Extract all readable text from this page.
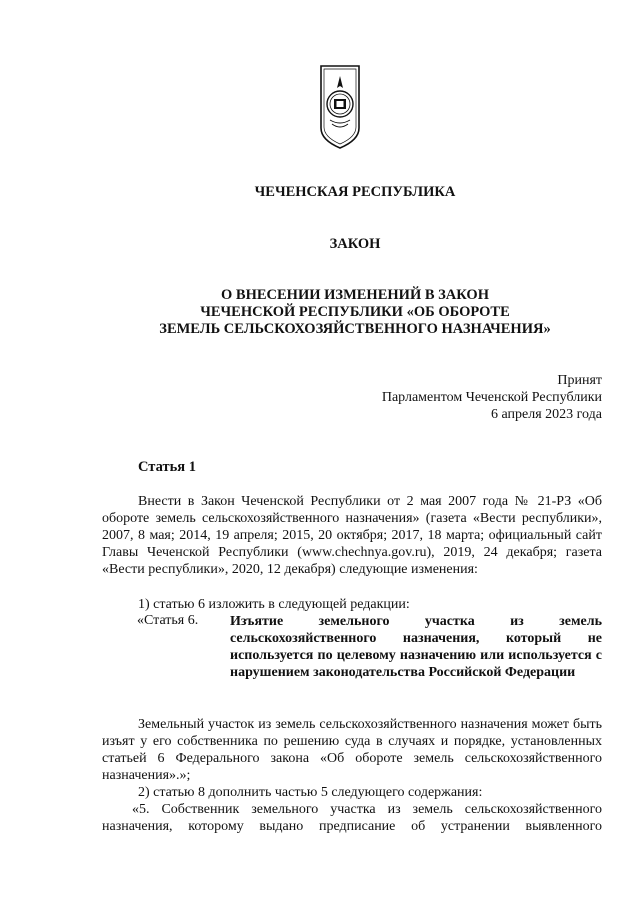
ЧЕЧЕНСКАЯ РЕСПУБЛИКА
ЗАКОН
О ВНЕСЕНИИ ИЗМЕНЕНИЙ В ЗАКОН
ЧЕЧЕНСКОЙ РЕСПУБЛИКИ «ОБ ОБОРОТЕ
ЗЕМЕЛЬ СЕЛЬСКОХОЗЯЙСТВЕННОГО НАЗНАЧЕНИЯ»
Принят
Парламентом Чеченской Республики
6 апреля 2023 года
Статья 1
Внести в Закон Чеченской Республики от 2 мая 2007 года № 21-РЗ «Об обороте земель сельскохозяйственного назначения» (газета «Вести республики», 2007, 8 мая; 2014, 19 апреля; 2015, 20 октября; 2017, 18 марта; официальный сайт Главы Чеченской Республики (www.chechnya.gov.ru), 2019, 24 декабря; газета «Вести республики», 2020, 12 декабря) следующие изменения:
1) статью 6 изложить в следующей редакции:
«Статья 6. Изъятие земельного участка из земель сельскохозяйственного назначения, который не используется по целевому назначению или используется с нарушением законодательства Российской Федерации
Земельный участок из земель сельскохозяйственного назначения может быть изъят у его собственника по решению суда в случаях и порядке, установленных статьей 6 Федерального закона «Об обороте земель сельскохозяйственного назначения».»;
2) статью 8 дополнить частью 5 следующего содержания:
«5. Собственник земельного участка из земель сельскохозяйственного
назначения, которому выдано предписание об устранении выявленного
